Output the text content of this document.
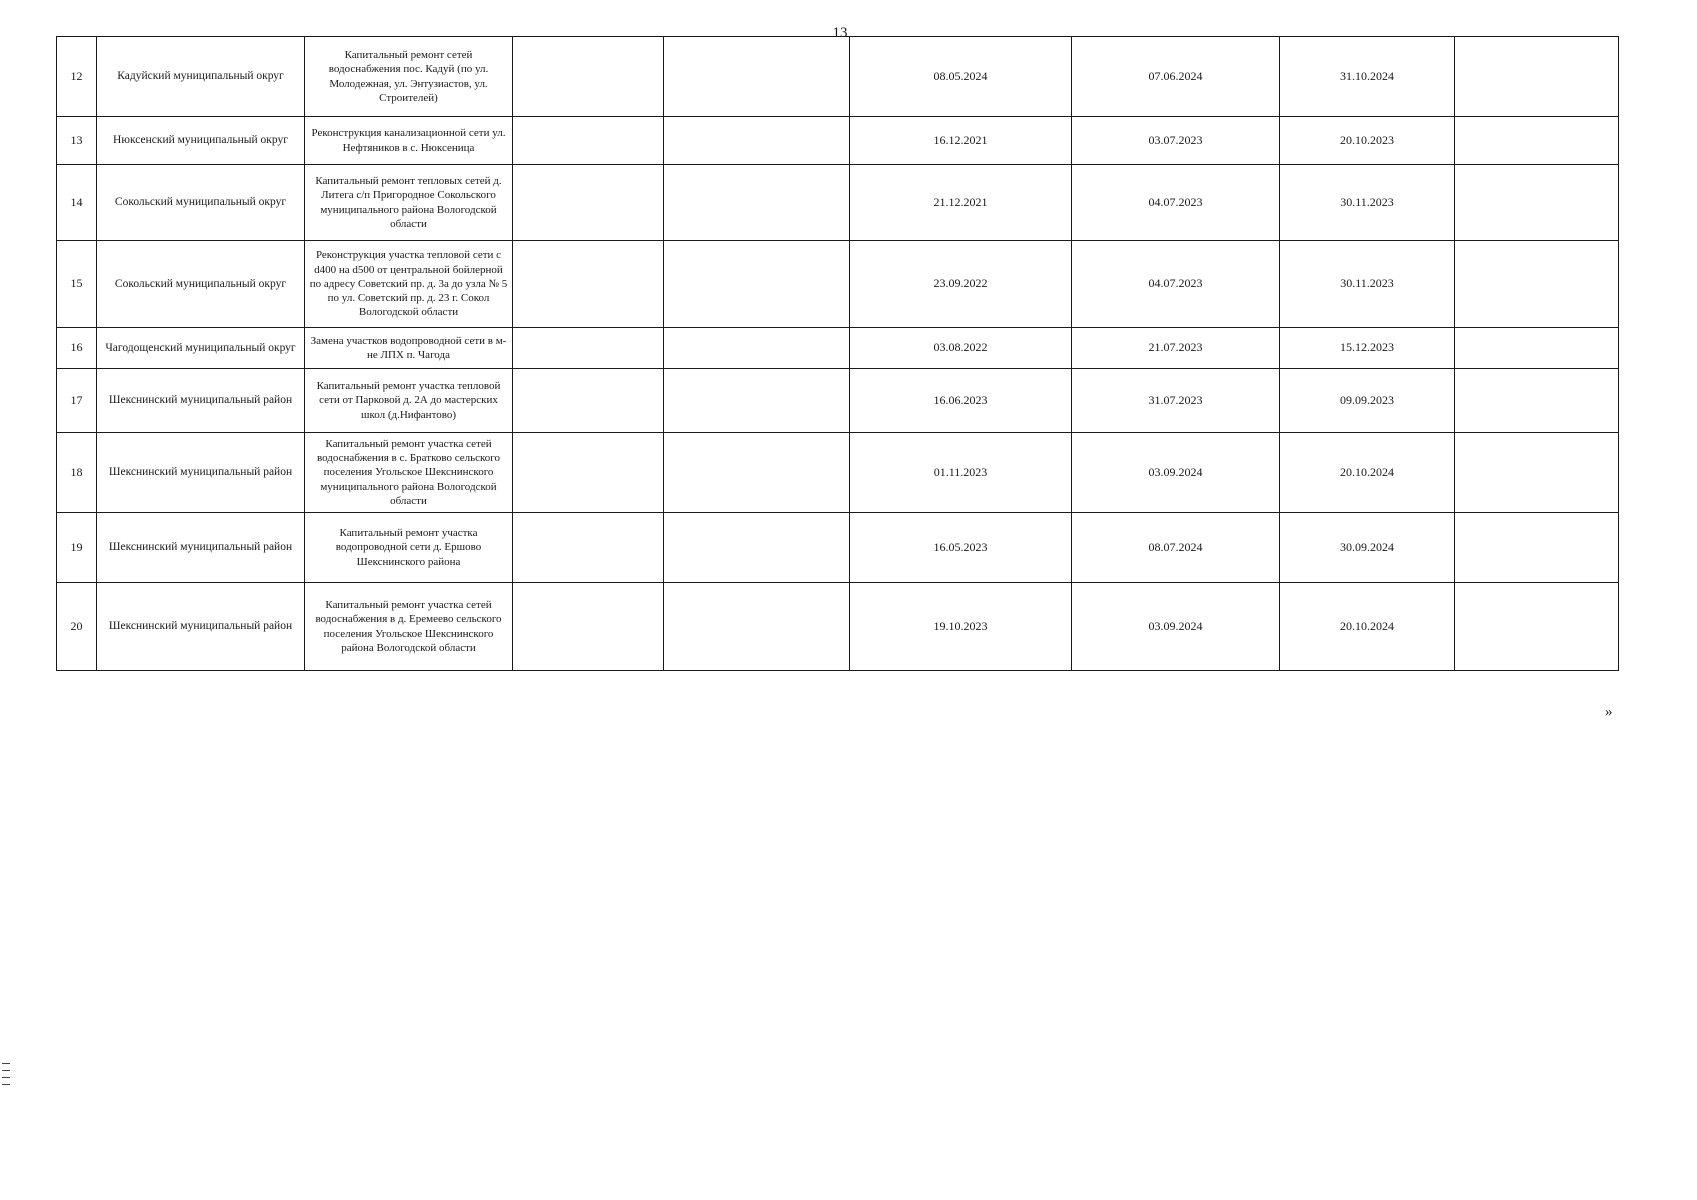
13
12	Кадуйский муниципальный округ	Капитальный ремонт сетей водоснабжения пос. Кадуй (по ул. Молодежная, ул. Энтузиастов, ул. Строителей)			08.05.2024	07.06.2024	31.10.2024	
13	Нюксенский муниципальный округ	Реконструкция канализационной сети ул. Нефтяников в с. Нюксеница			16.12.2021	03.07.2023	20.10.2023	
14	Сокольский муниципальный округ	Капитальный ремонт тепловых сетей д. Литега с/п Пригородное Сокольского муниципального района Вологодской области			21.12.2021	04.07.2023	30.11.2023	
15	Сокольский муниципальный округ	Реконструкция участка тепловой сети с d400 на d500 от центральной бойлерной по адресу Советский пр. д. 3а до узла № 5 по ул. Советский пр. д. 23 г. Сокол Вологодской области			23.09.2022	04.07.2023	30.11.2023	
16	Чагодощенский муниципальный округ	Замена участков водопроводной сети в м-не ЛПХ п. Чагода			03.08.2022	21.07.2023	15.12.2023	
17	Шекснинский муниципальный район	Капитальный ремонт участка тепловой сети от Парковой д. 2А до мастерских школ (д.Нифантово)			16.06.2023	31.07.2023	09.09.2023	
18	Шекснинский муниципальный район	Капитальный ремонт участка сетей водоснабжения в с. Братково сельского поселения Угольское Шекснинского муниципального района Вологодской области			01.11.2023	03.09.2024	20.10.2024	
19	Шекснинский муниципальный район	Капитальный ремонт участка водопроводной сети д. Ершово Шекснинского района			16.05.2023	08.07.2024	30.09.2024	
20	Шекснинский муниципальный район	Капитальный ремонт участка сетей водоснабжения в д. Еремеево сельского поселения Угольское Шекснинского района Вологодской области			19.10.2023	03.09.2024	20.10.2024	
»
